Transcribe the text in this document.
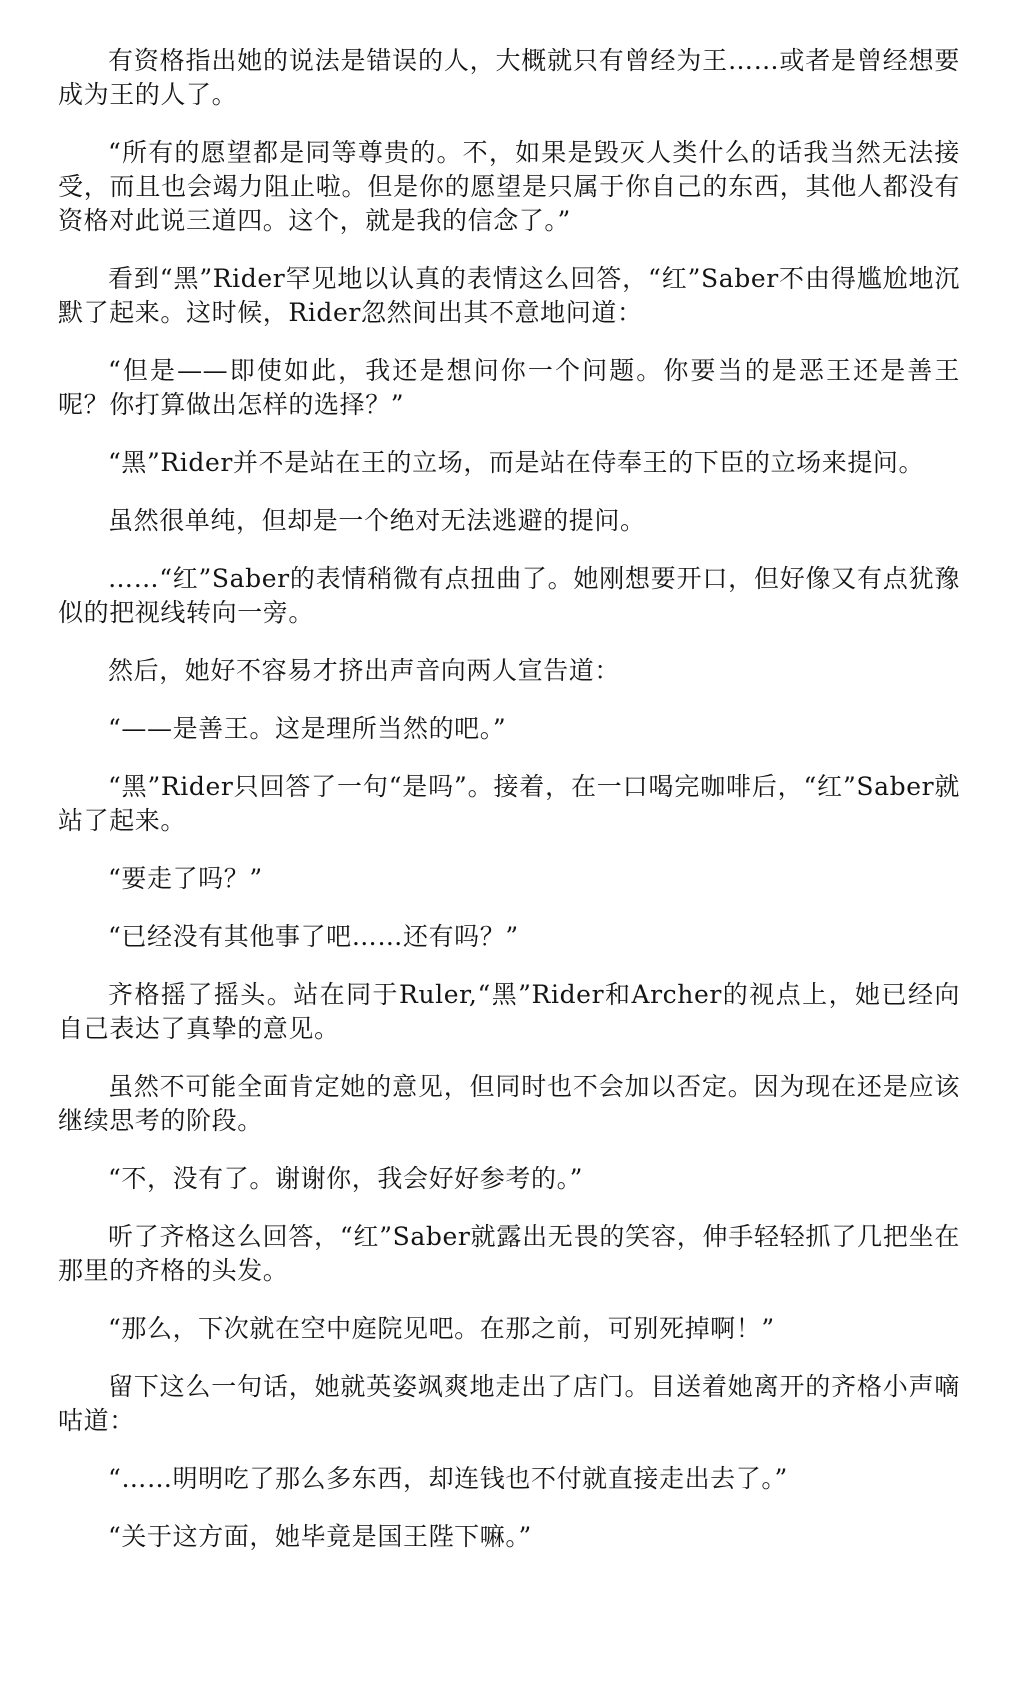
有资格指出她的说法是错误的人，大概就只有曾经为王……或者是曾经想要成为王的人了。

“所有的愿望都是同等尊贵的。不，如果是毁灭人类什么的话我当然无法接受，而且也会竭力阻止啦。但是你的愿望是只属于你自己的东西，其他人都没有资格对此说三道四。这个，就是我的信念了。”

看到“黑”Rider罕见地以认真的表情这么回答，“红”Saber不由得尴尬地沉默了起来。这时候，Rider忽然间出其不意地问道：

“但是——即使如此，我还是想问你一个问题。你要当的是恶王还是善王呢？你打算做出怎样的选择？”

“黑”Rider并不是站在王的立场，而是站在侍奉王的下臣的立场来提问。

虽然很单纯，但却是一个绝对无法逃避的提问。

……“红”Saber的表情稍微有点扭曲了。她刚想要开口，但好像又有点犹豫似的把视线转向一旁。

然后，她好不容易才挤出声音向两人宣告道：

“——是善王。这是理所当然的吧。”

“黑”Rider只回答了一句“是吗”。接着，在一口喝完咖啡后，“红”Saber就站了起来。

“要走了吗？”

“已经没有其他事了吧……还有吗？”

齐格摇了摇头。站在同于Ruler,“黑”Rider和Archer的视点上，她已经向自己表达了真挚的意见。

虽然不可能全面肯定她的意见，但同时也不会加以否定。因为现在还是应该继续思考的阶段。

“不，没有了。谢谢你，我会好好参考的。”

听了齐格这么回答，“红”Saber就露出无畏的笑容，伸手轻轻抓了几把坐在那里的齐格的头发。

“那么，下次就在空中庭院见吧。在那之前，可别死掉啊！”

留下这么一句话，她就英姿飒爽地走出了店门。目送着她离开的齐格小声嘀咕道：

“……明明吃了那么多东西，却连钱也不付就直接走出去了。”

“关于这方面，她毕竟是国王陛下嘛。”
